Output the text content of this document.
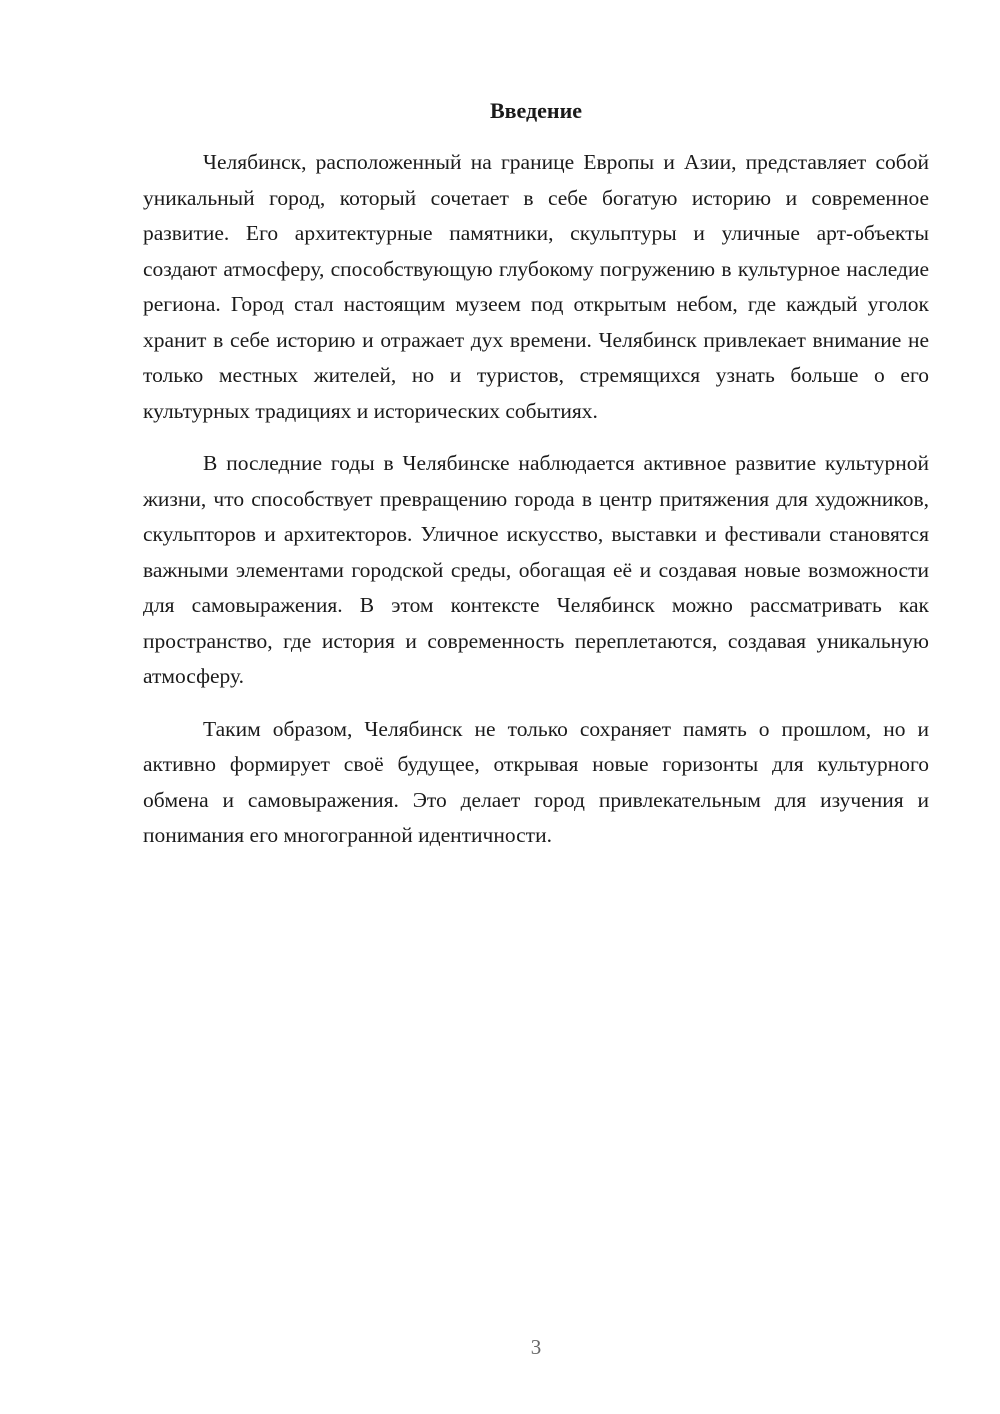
Введение

Челябинск, расположенный на границе Европы и Азии, представляет собой уникальный город, который сочетает в себе богатую историю и современное развитие. Его архитектурные памятники, скульптуры и уличные арт-объекты создают атмосферу, способствующую глубокому погружению в культурное наследие региона. Город стал настоящим музеем под открытым небом, где каждый уголок хранит в себе историю и отражает дух времени. Челябинск привлекает внимание не только местных жителей, но и туристов, стремящихся узнать больше о его культурных традициях и исторических событиях.

В последние годы в Челябинске наблюдается активное развитие культурной жизни, что способствует превращению города в центр притяжения для художников, скульпторов и архитекторов. Уличное искусство, выставки и фестивали становятся важными элементами городской среды, обогащая её и создавая новые возможности для самовыражения. В этом контексте Челябинск можно рассматривать как пространство, где история и современность переплетаются, создавая уникальную атмосферу.

Таким образом, Челябинск не только сохраняет память о прошлом, но и активно формирует своё будущее, открывая новые горизонты для культурного обмена и самовыражения. Это делает город привлекательным для изучения и понимания его многогранной идентичности.

3
